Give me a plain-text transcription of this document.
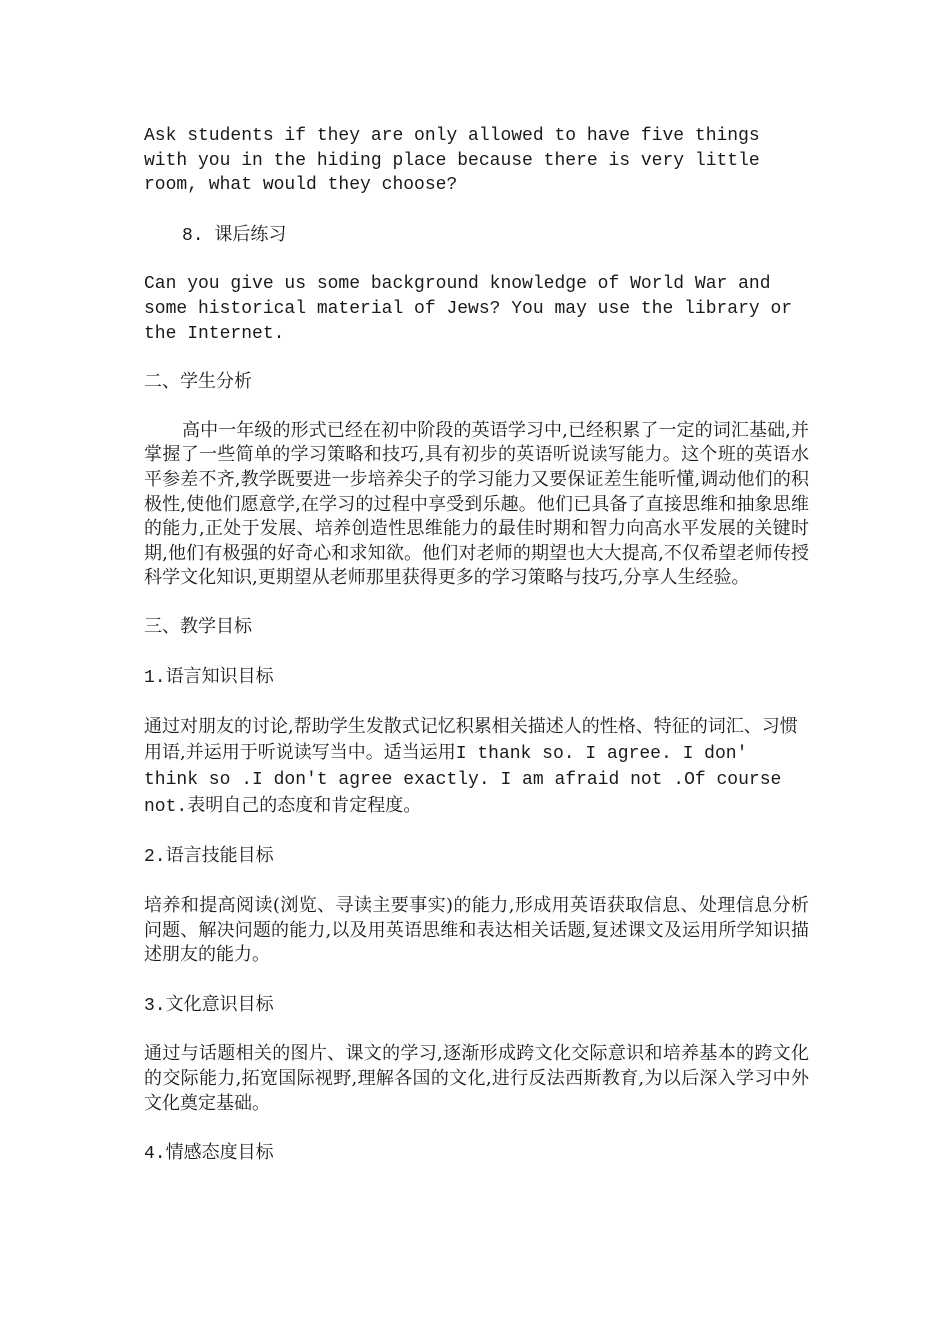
Ask students if they are only allowed to have five things with you in the hiding place because there is very little room, what would they choose?

8. 课后练习

Can you give us some background knowledge of World War and some historical material of Jews? You may use the library or the Internet.

二、学生分析

高中一年级的形式已经在初中阶段的英语学习中,已经积累了一定的词汇基础,并掌握了一些简单的学习策略和技巧,具有初步的英语听说读写能力。这个班的英语水平参差不齐,教学既要进一步培养尖子的学习能力又要保证差生能听懂,调动他们的积极性,使他们愿意学,在学习的过程中享受到乐趣。他们已具备了直接思维和抽象思维的能力,正处于发展、培养创造性思维能力的最佳时期和智力向高水平发展的关键时期,他们有极强的好奇心和求知欲。他们对老师的期望也大大提高,不仅希望老师传授科学文化知识,更期望从老师那里获得更多的学习策略与技巧,分享人生经验。

三、教学目标

1.语言知识目标

通过对朋友的讨论,帮助学生发散式记忆积累相关描述人的性格、特征的词汇、习惯用语,并运用于听说读写当中。适当运用I thank so. I agree. I don' think so .I don't agree exactly. I am afraid not .Of course not.表明自己的态度和肯定程度。

2.语言技能目标

培养和提高阅读(浏览、寻读主要事实)的能力,形成用英语获取信息、处理信息分析问题、解决问题的能力,以及用英语思维和表达相关话题,复述课文及运用所学知识描述朋友的能力。

3.文化意识目标

通过与话题相关的图片、课文的学习,逐渐形成跨文化交际意识和培养基本的跨文化的交际能力,拓宽国际视野,理解各国的文化,进行反法西斯教育,为以后深入学习中外文化奠定基础。

4.情感态度目标
